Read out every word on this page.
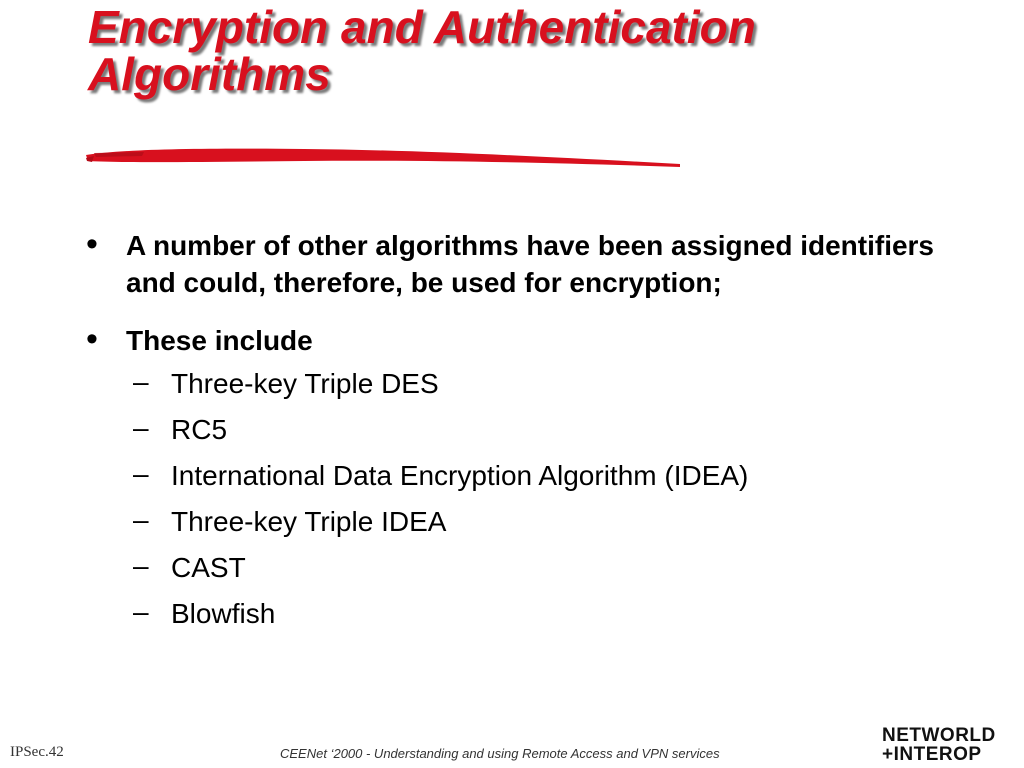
Encryption and Authentication
Algorithms
• A number of other algorithms have been assigned identifiers and could, therefore, be used for encryption;
• These include
– Three-key Triple DES
– RC5
– International Data Encryption Algorithm (IDEA)
– Three-key Triple IDEA
– CAST
– Blowfish
IPSec.42	CEENet ‘2000 - Understanding and using Remote Access and VPN services
NETWORLD
+INTEROP
